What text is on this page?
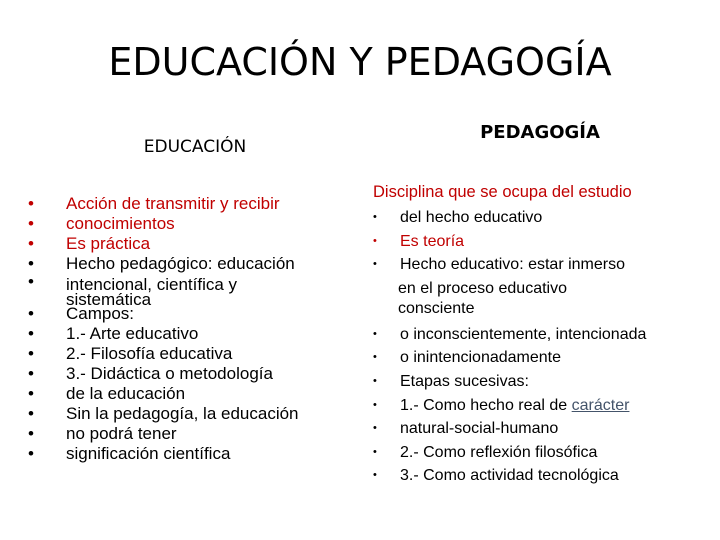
EDUCACIÓN Y PEDAGOGÍA
EDUCACIÓN
PEDAGOGÍA
• Acción de transmitir y recibir
• conocimientos
• Es práctica
• Hecho pedagógico: educación
• intencional, científica y sistemática
• Campos:
• 1.- Arte educativo
• 2.- Filosofía educativa
• 3.- Didáctica o metodología
• de la educación
• Sin la pedagogía, la educación
• no podrá tener
• significación científica
Disciplina que se ocupa del estudio
• del hecho educativo
• Es teoría
• Hecho educativo: estar inmerso
en el proceso educativo
consciente
• o inconscientemente, intencionada
• o inintencionadamente
• Etapas sucesivas:
• 1.- Como hecho real de carácter
• natural-social-humano
• 2.- Como reflexión filosófica
• 3.- Como actividad tecnológica
